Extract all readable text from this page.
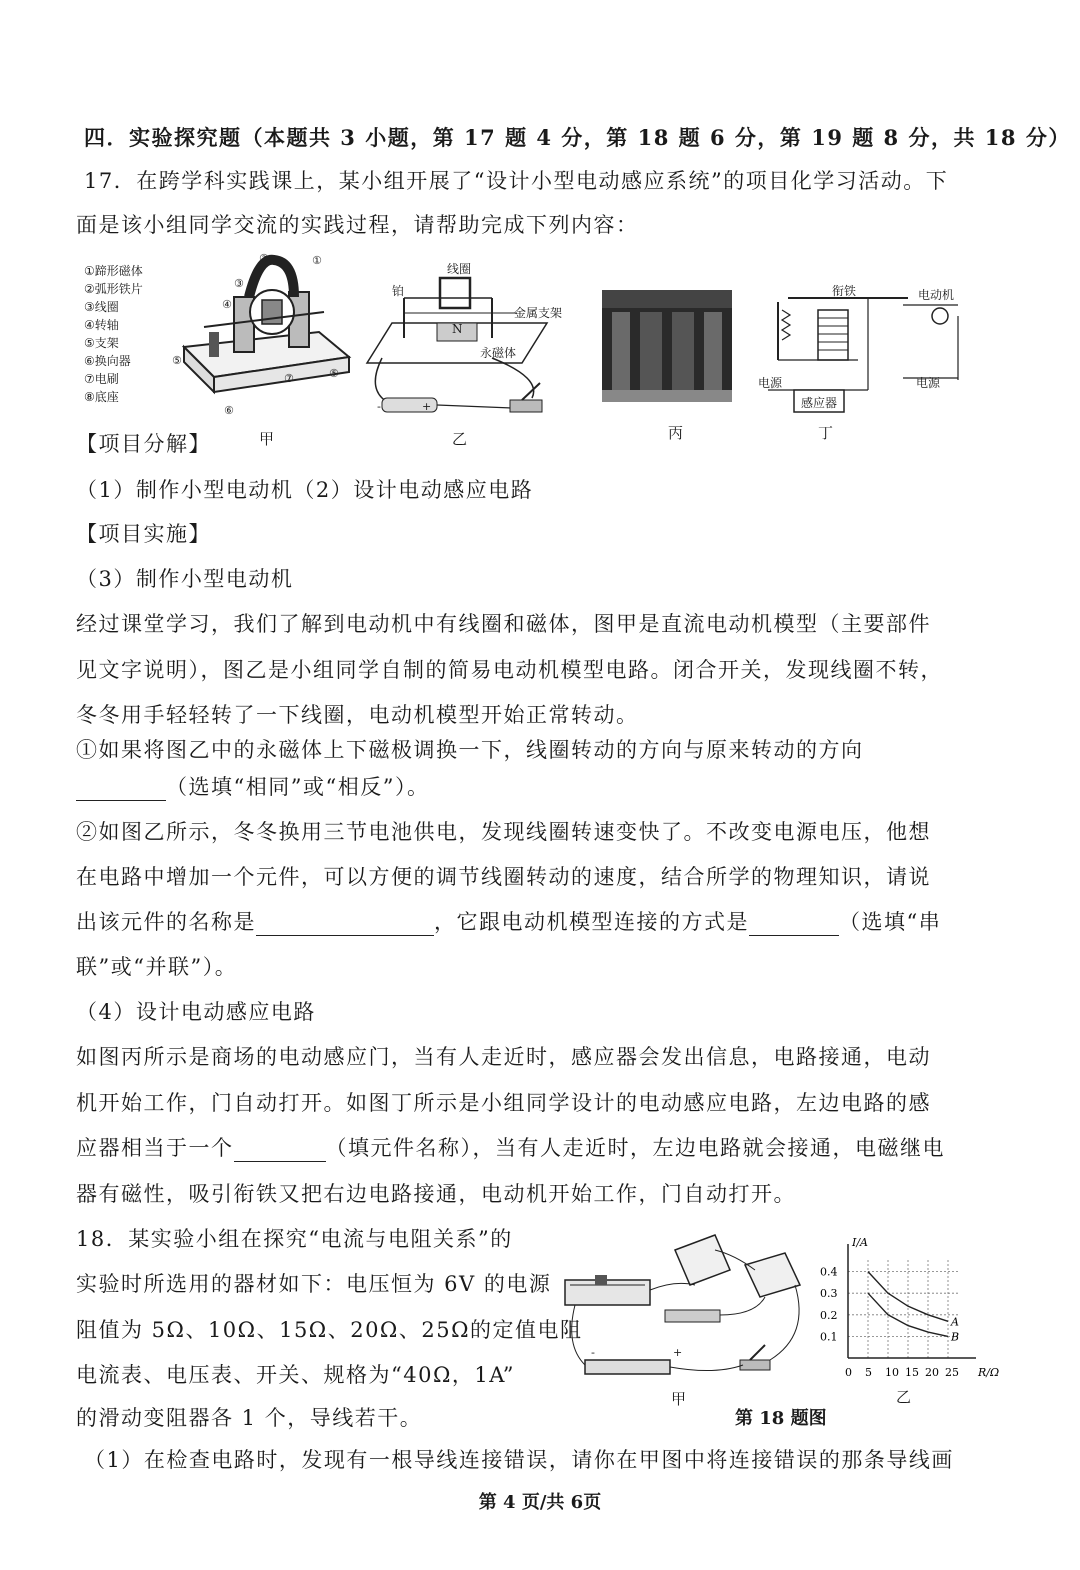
四．实验探究题（本题共 3 小题，第 17 题 4 分，第 18 题 6 分，第 19 题 8 分，共 18 分）
17．在跨学科实践课上，某小组开展了“设计小型电动感应系统”的项目化学习活动。下
面是该小组同学交流的实践过程，请帮助完成下列内容：
①蹄形磁体
②弧形铁片
③线圈
④转轴
⑤支架
⑥换向器
⑦电刷
⑧底座
②	①
③
④
⑤
⑦	⑤
⑥
甲
+
-
铂
线圈
金属支架
永磁体
N
乙	丙
衔铁	电动机
电源	电源
感应器
丁
【项目分解】
（1）制作小型电动机（2）设计电动感应电路
【项目实施】
（3）制作小型电动机
经过课堂学习，我们了解到电动机中有线圈和磁体，图甲是直流电动机模型（主要部件
见文字说明），图乙是小组同学自制的简易电动机模型电路。闭合开关，发现线圈不转，
冬冬用手轻轻转了一下线圈，电动机模型开始正常转动。
①如果将图乙中的永磁体上下磁极调换一下，线圈转动的方向与原来转动的方向
（选填“相同”或“相反”）。
②如图乙所示，冬冬换用三节电池供电，发现线圈转速变快了。不改变电源电压，他想
在电路中增加一个元件，可以方便的调节线圈转动的速度，结合所学的物理知识，请说
出该元件的名称是	，它跟电动机模型连接的方式是	（选填“串
联”或“并联”）。
（4）设计电动感应电路
如图丙所示是商场的电动感应门，当有人走近时，感应器会发出信息，电路接通，电动
机开始工作，门自动打开。如图丁所示是小组同学设计的电动感应电路，左边电路的感
应器相当于一个	（填元件名称），当有人走近时，左边电路就会接通，电磁继电
器有磁性，吸引衔铁又把右边电路接通，电动机开始工作，门自动打开。
18．某实验小组在探究“电流与电阻关系”的
实验时所选用的器材如下：电压恒为 6V 的电源
阻值为 5Ω、10Ω、15Ω、20Ω、25Ω的定值电阻
电流表、电压表、开关、规格为“40Ω，1A”
的滑动变阻器各 1 个，导线若干。
（1）在检查电路时，发现有一根导线连接错误，请你在甲图中将连接错误的那条导线画
-	+
甲
R/Ω
I/A
0 5 10 15 20 25
0.1
0.2
0.3
0.4
A
B
乙
第 18 题图
第 4 页/共 6页
